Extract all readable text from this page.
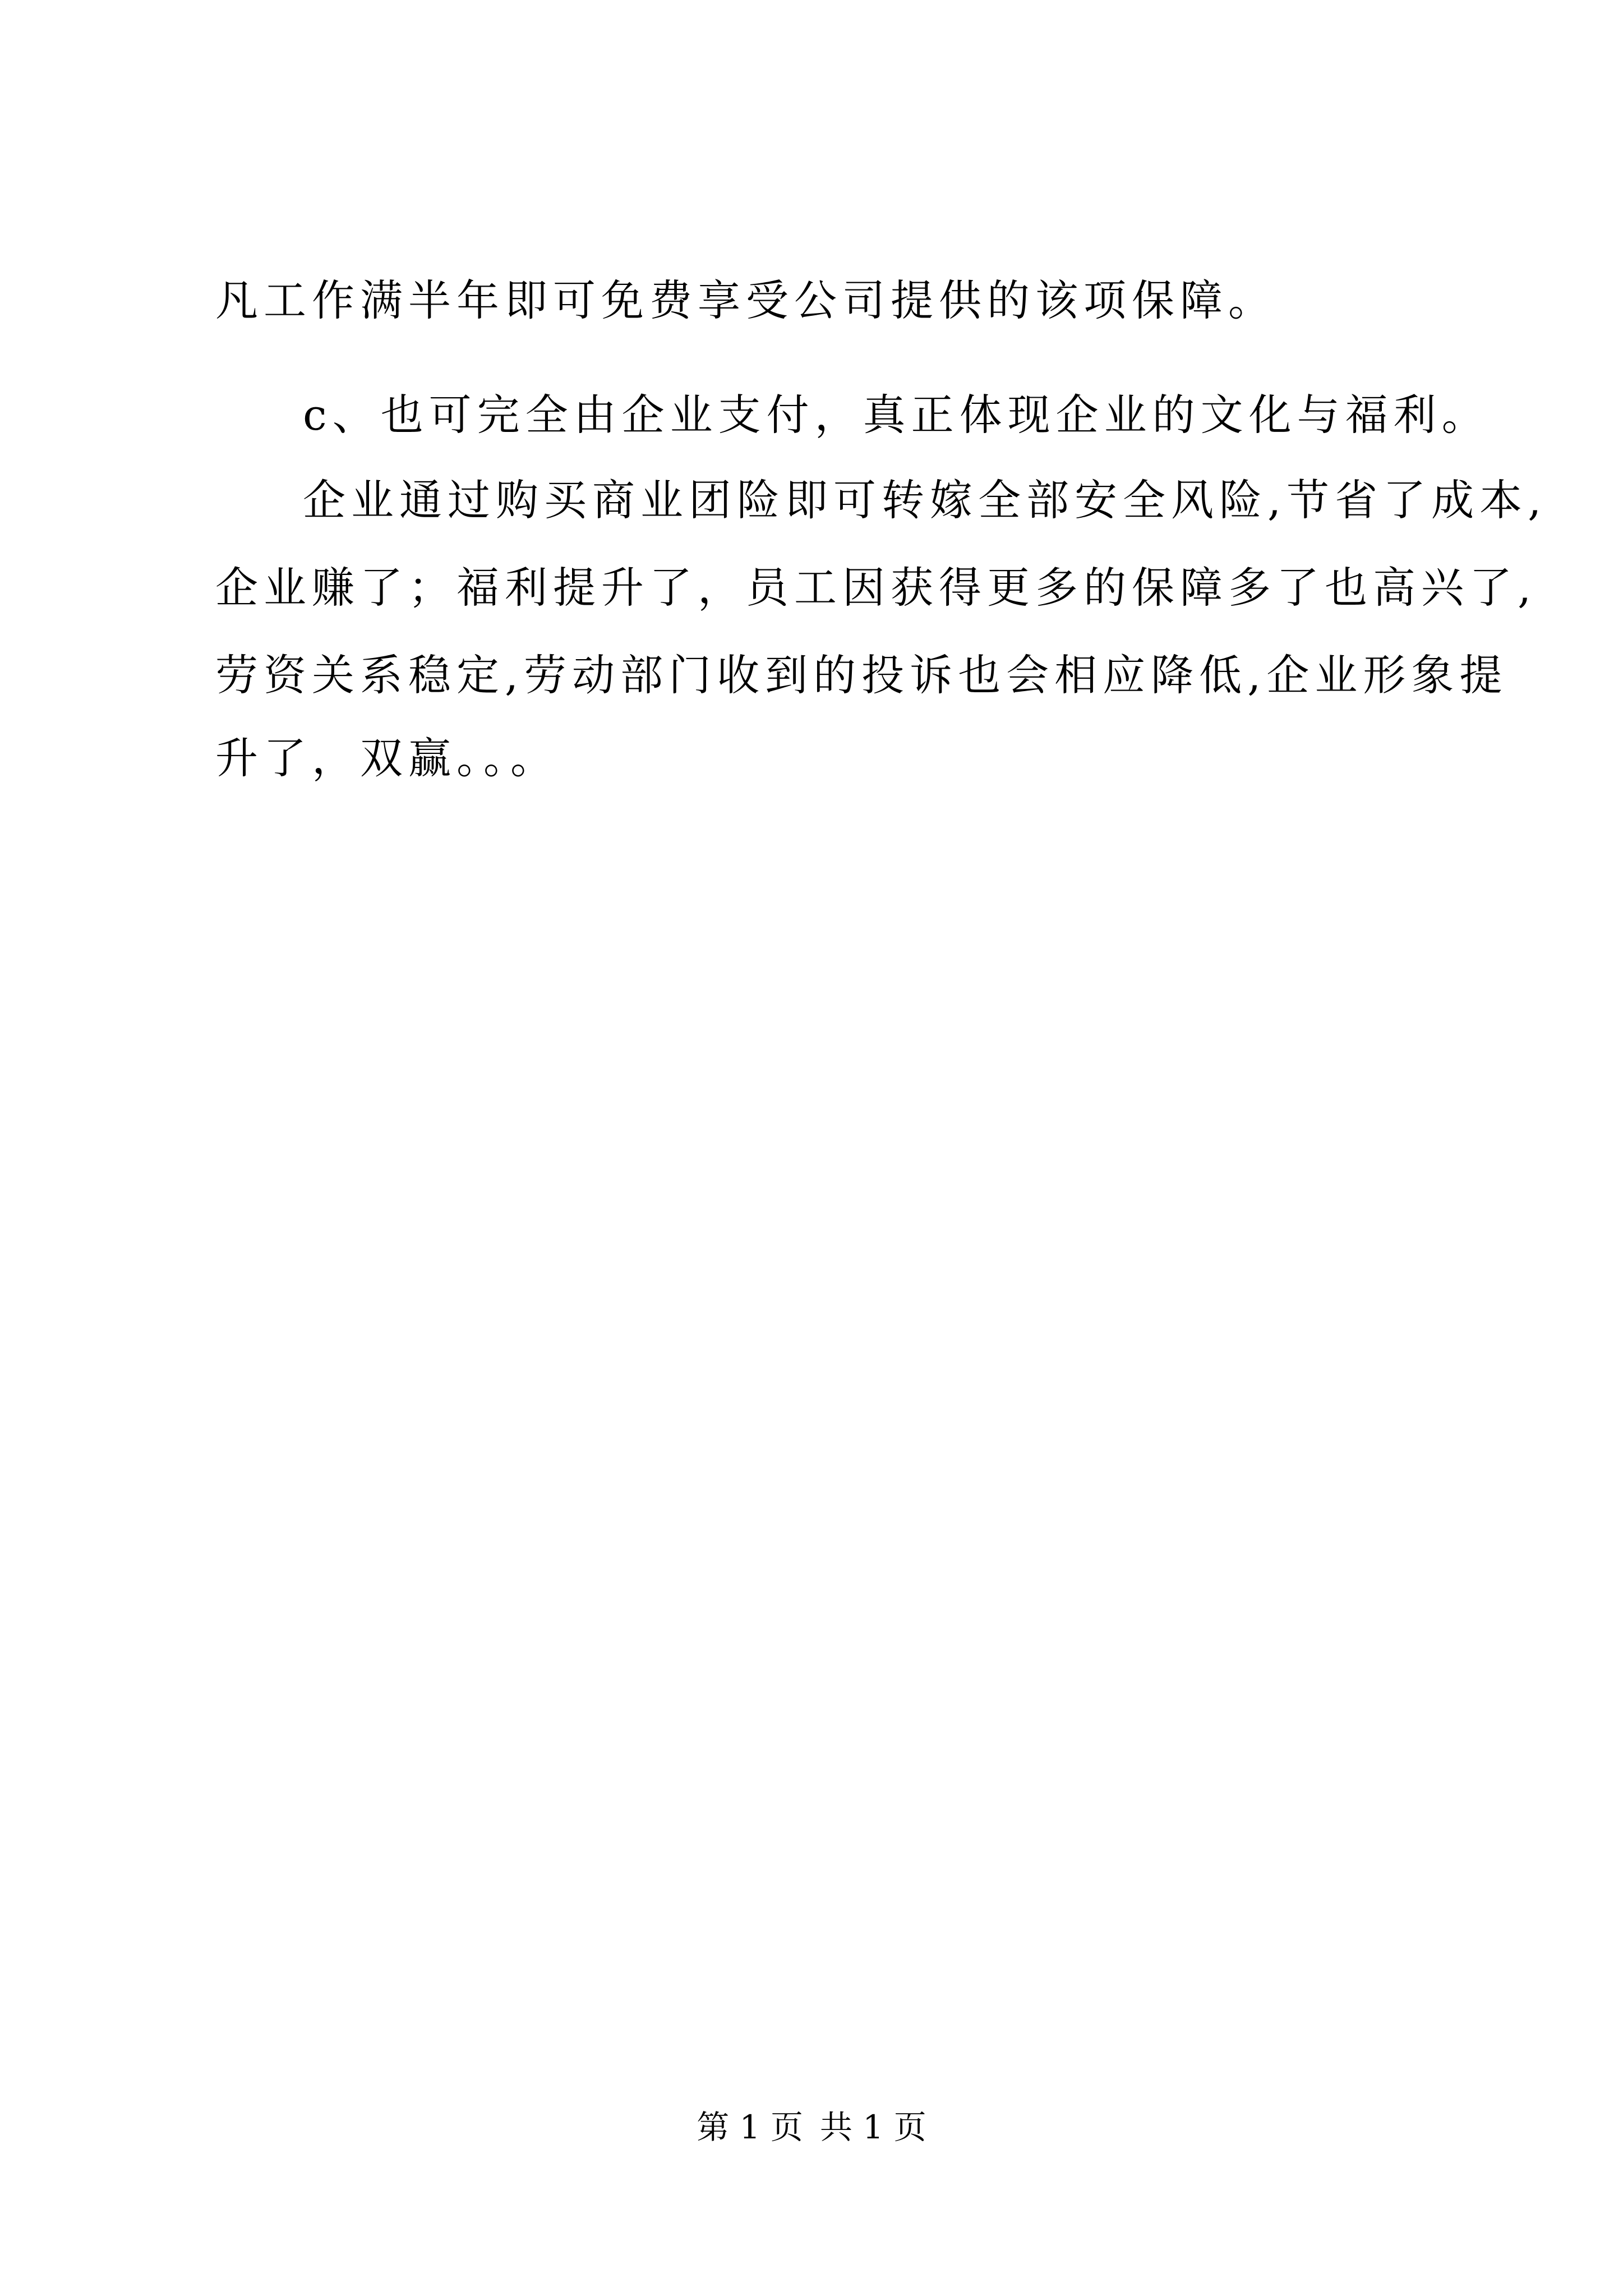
凡工作满半年即可免费享受公司提供的该项保障。
c、也可完全由企业支付，真正体现企业的文化与福利。
企业通过购买商业团险即可转嫁全部安全风险,节省了成本,
企业赚了；福利提升了，员工因获得更多的保障多了也高兴了,
劳资关系稳定,劳动部门收到的投诉也会相应降低,企业形象提
升了，双赢。。。
第 1 页 共 1 页
